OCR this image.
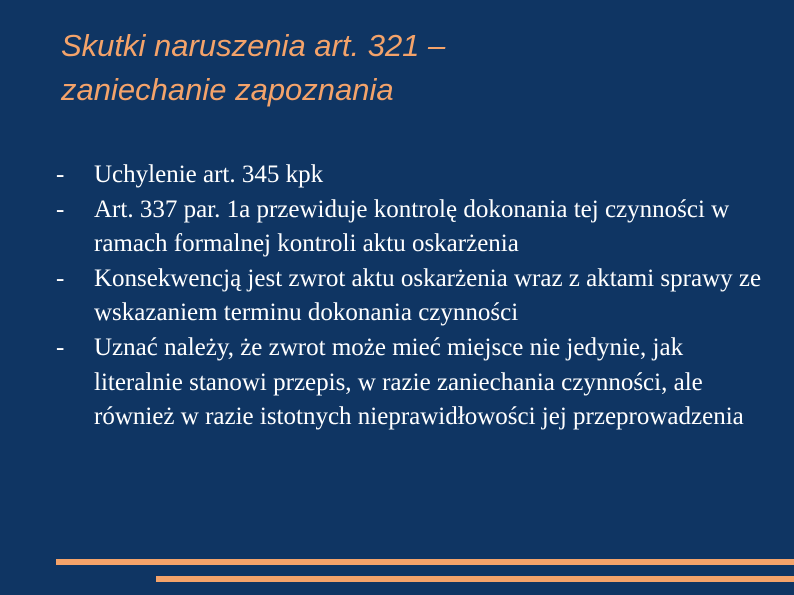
Skutki naruszenia art. 321 –
zaniechanie zapoznania
- Uchylenie art. 345 kpk
- Art. 337 par. 1a przewiduje kontrolę dokonania tej czynności w ramach formalnej kontroli aktu oskarżenia
- Konsekwencją jest zwrot aktu oskarżenia wraz z aktami sprawy ze wskazaniem terminu dokonania czynności
- Uznać należy, że zwrot może mieć miejsce nie jedynie, jak literalnie stanowi przepis, w razie zaniechania czynności, ale również w razie istotnych nieprawidłowości jej przeprowadzenia
